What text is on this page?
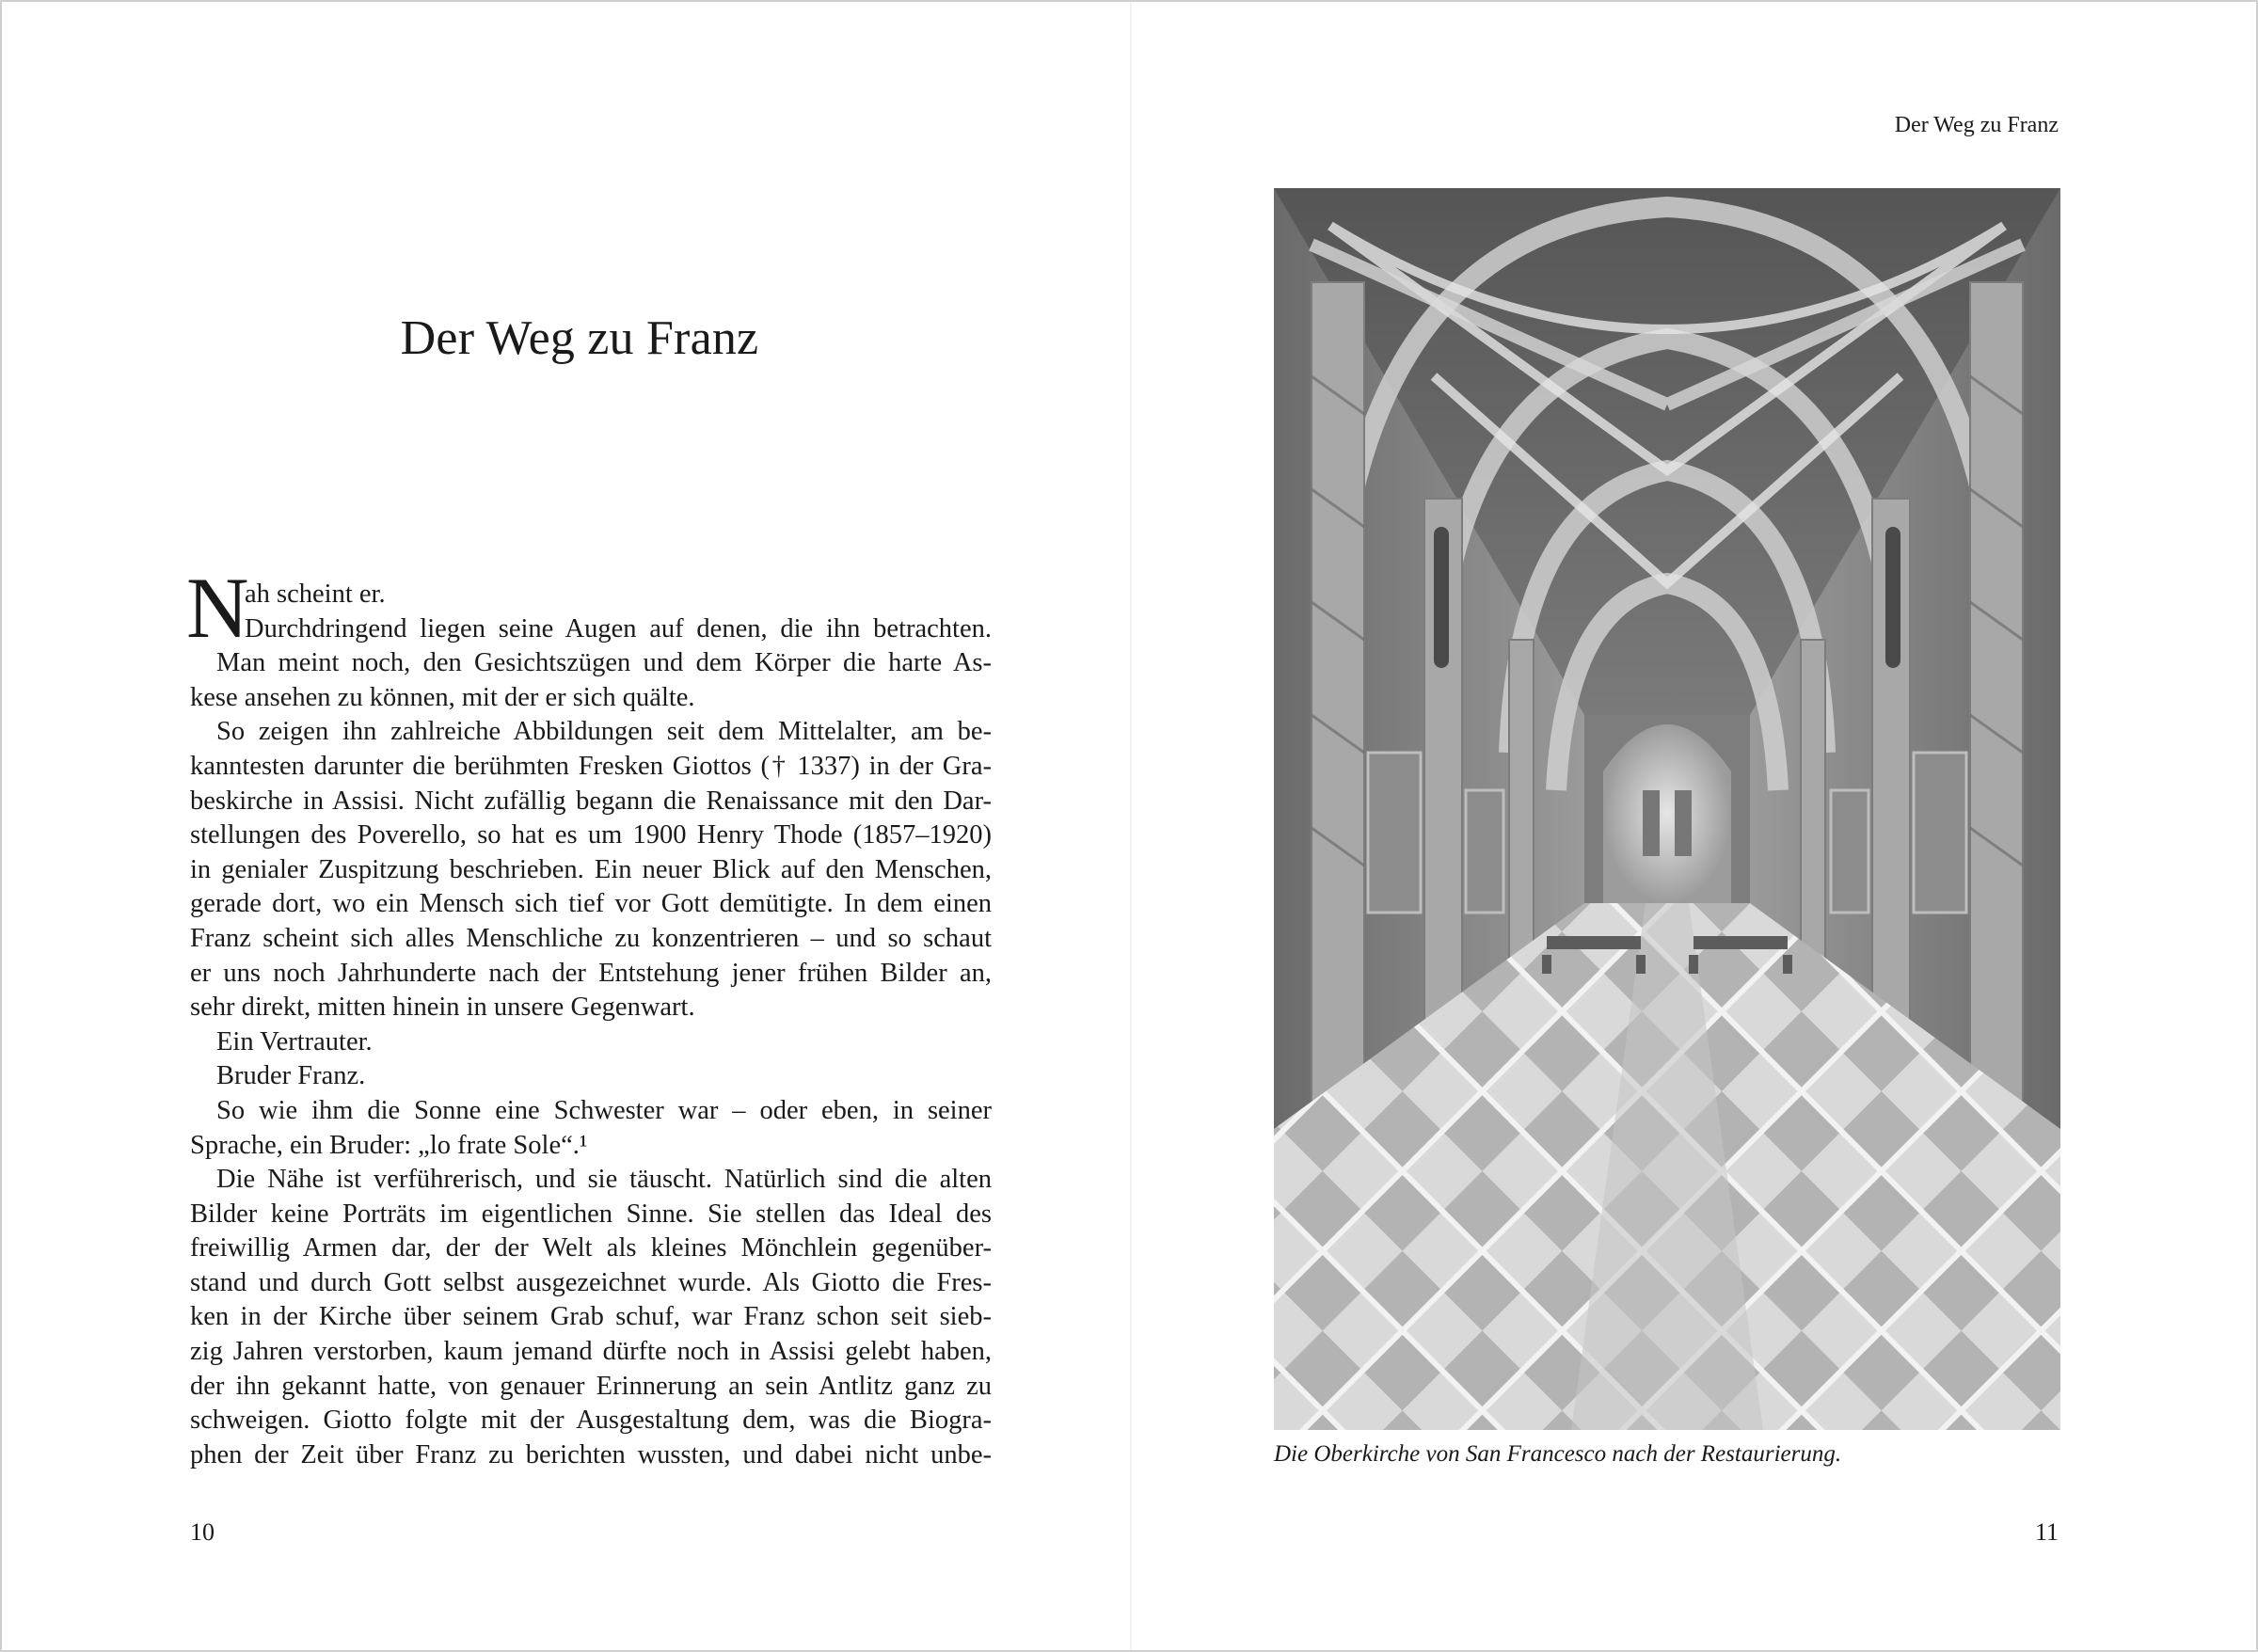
Der Weg zu Franz
N
ah scheint er.
Durchdringend liegen seine Augen auf denen, die ihn betrachten.
Man meint noch, den Gesichtszügen und dem Körper die harte As-
kese ansehen zu können, mit der er sich quälte.
So zeigen ihn zahlreiche Abbildungen seit dem Mittelalter, am be-
kanntesten darunter die berühmten Fresken Giottos († 1337) in der Gra-
beskirche in Assisi. Nicht zufällig begann die Renaissance mit den Dar-
stellungen des Poverello, so hat es um 1900 Henry Thode (1857–1920)
in genialer Zuspitzung beschrieben. Ein neuer Blick auf den Menschen,
gerade dort, wo ein Mensch sich tief vor Gott demütigte. In dem einen
Franz scheint sich alles Menschliche zu konzentrieren – und so schaut
er uns noch Jahrhunderte nach der Entstehung jener frühen Bilder an,
sehr direkt, mitten hinein in unsere Gegenwart.
Ein Vertrauter.
Bruder Franz.
So wie ihm die Sonne eine Schwester war – oder eben, in seiner
Sprache, ein Bruder: „lo frate Sole“.¹
Die Nähe ist verführerisch, und sie täuscht. Natürlich sind die alten
Bilder keine Porträts im eigentlichen Sinne. Sie stellen das Ideal des
freiwillig Armen dar, der der Welt als kleines Mönchlein gegenüber-
stand und durch Gott selbst ausgezeichnet wurde. Als Giotto die Fres-
ken in der Kirche über seinem Grab schuf, war Franz schon seit sieb-
zig Jahren verstorben, kaum jemand dürfte noch in Assisi gelebt haben,
der ihn gekannt hatte, von genauer Erinnerung an sein Antlitz ganz zu
schweigen. Giotto folgte mit der Ausgestaltung dem, was die Biogra-
phen der Zeit über Franz zu berichten wussten, und dabei nicht unbe-
10
Der Weg zu Franz
Die Oberkirche von San Francesco nach der Restaurierung.
11
